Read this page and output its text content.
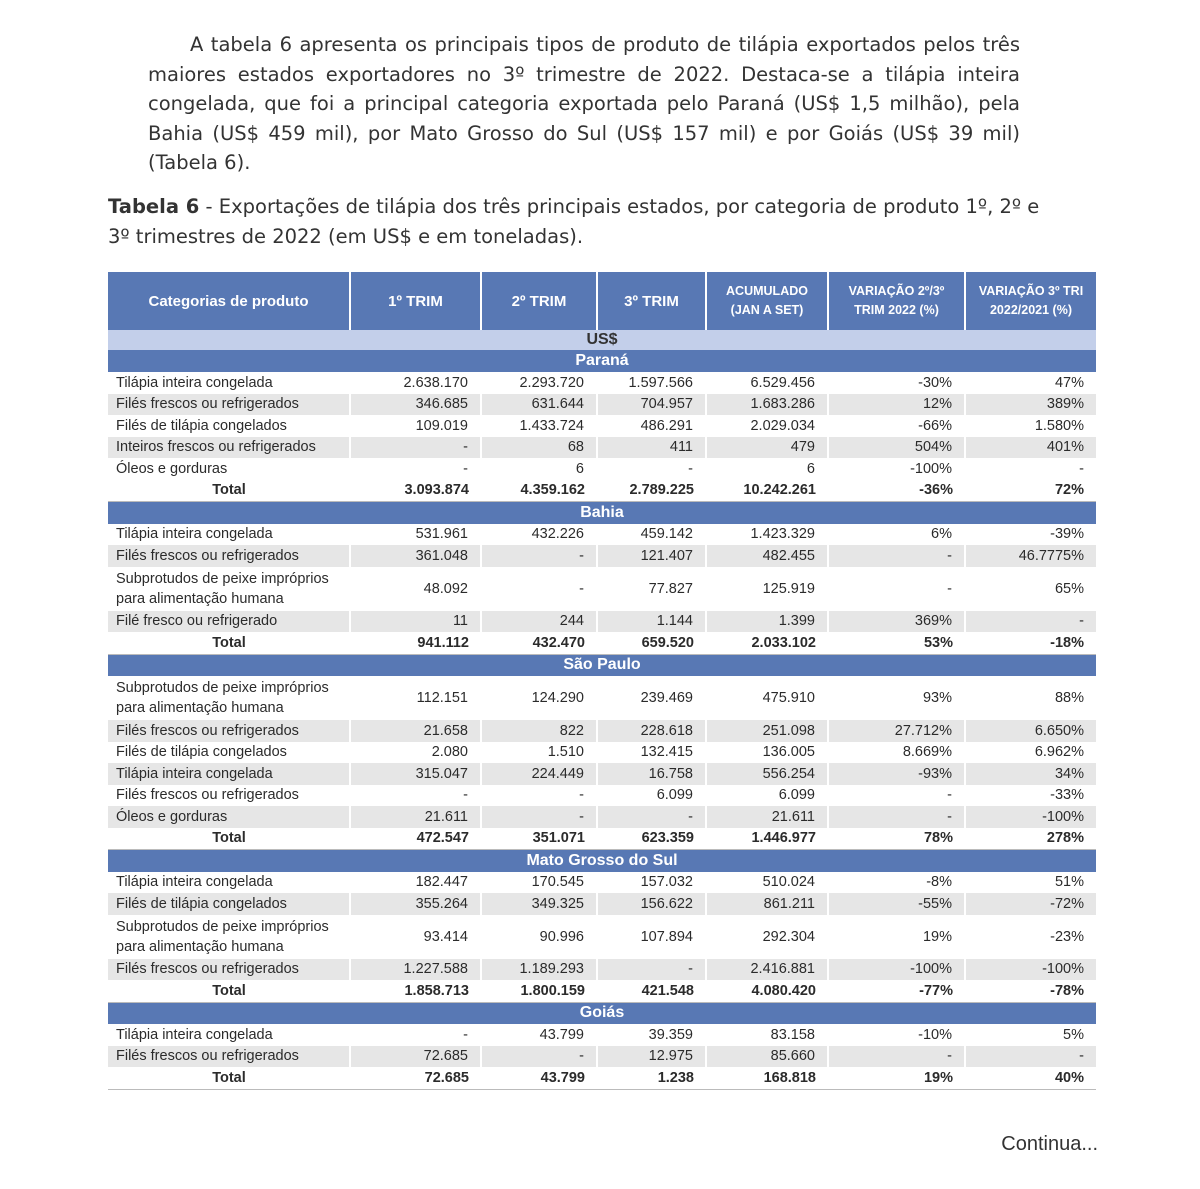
A tabela 6 apresenta os principais tipos de produto de tilápia exportados pelos três maiores estados exportadores no 3º trimestre de 2022. Destaca-se a tilápia inteira congelada, que foi a principal categoria exportada pelo Paraná (US$ 1,5 milhão), pela Bahia (US$ 459 mil), por Mato Grosso do Sul (US$ 157 mil) e por Goiás (US$ 39 mil) (Tabela 6).

Tabela 6 - Exportações de tilápia dos três principais estados, por categoria de produto 1º, 2º e 3º trimestres de 2022 (em US$ e em toneladas).

Categorias de produto	1º TRIM	2º TRIM	3º TRIM	ACUMULADO (JAN A SET)	VARIAÇÃO 2º/3º TRIM 2022 (%)	VARIAÇÃO 3º TRI 2022/2021 (%)
US$						
Paraná						
Tilápia inteira congelada	2.638.170	2.293.720	1.597.566	6.529.456	-30%	47%
Filés frescos ou refrigerados	346.685	631.644	704.957	1.683.286	12%	389%
Filés de tilápia congelados	109.019	1.433.724	486.291	2.029.034	-66%	1.580%
Inteiros frescos ou refrigerados	-	68	411	479	504%	401%
Óleos e gorduras	-	6	-	6	-100%	-
Total	3.093.874	4.359.162	2.789.225	10.242.261	-36%	72%
Bahia						
Tilápia inteira congelada	531.961	432.226	459.142	1.423.329	6%	-39%
Filés frescos ou refrigerados	361.048	-	121.407	482.455	-	46.7775%
Subprotudos de peixe impróprios para alimentação humana	48.092	-	77.827	125.919	-	65%
Filé fresco ou refrigerado	11	244	1.144	1.399	369%	-
Total	941.112	432.470	659.520	2.033.102	53%	-18%
São Paulo						
Subprotudos de peixe impróprios para alimentação humana	112.151	124.290	239.469	475.910	93%	88%
Filés frescos ou refrigerados	21.658	822	228.618	251.098	27.712%	6.650%
Filés de tilápia congelados	2.080	1.510	132.415	136.005	8.669%	6.962%
Tilápia inteira congelada	315.047	224.449	16.758	556.254	-93%	34%
Filés frescos ou refrigerados	-	-	6.099	6.099	-	-33%
Óleos e gorduras	21.611	-	-	21.611	-	-100%
Total	472.547	351.071	623.359	1.446.977	78%	278%
Mato Grosso do Sul						
Tilápia inteira congelada	182.447	170.545	157.032	510.024	-8%	51%
Filés de tilápia congelados	355.264	349.325	156.622	861.211	-55%	-72%
Subprotudos de peixe impróprios para alimentação humana	93.414	90.996	107.894	292.304	19%	-23%
Filés frescos ou refrigerados	1.227.588	1.189.293	-	2.416.881	-100%	-100%
Total	1.858.713	1.800.159	421.548	4.080.420	-77%	-78%
Goiás						
Tilápia inteira congelada	-	43.799	39.359	83.158	-10%	5%
Filés frescos ou refrigerados	72.685	-	12.975	85.660	-	-
Total	72.685	43.799	1.238	168.818	19%	40%
Continua...
